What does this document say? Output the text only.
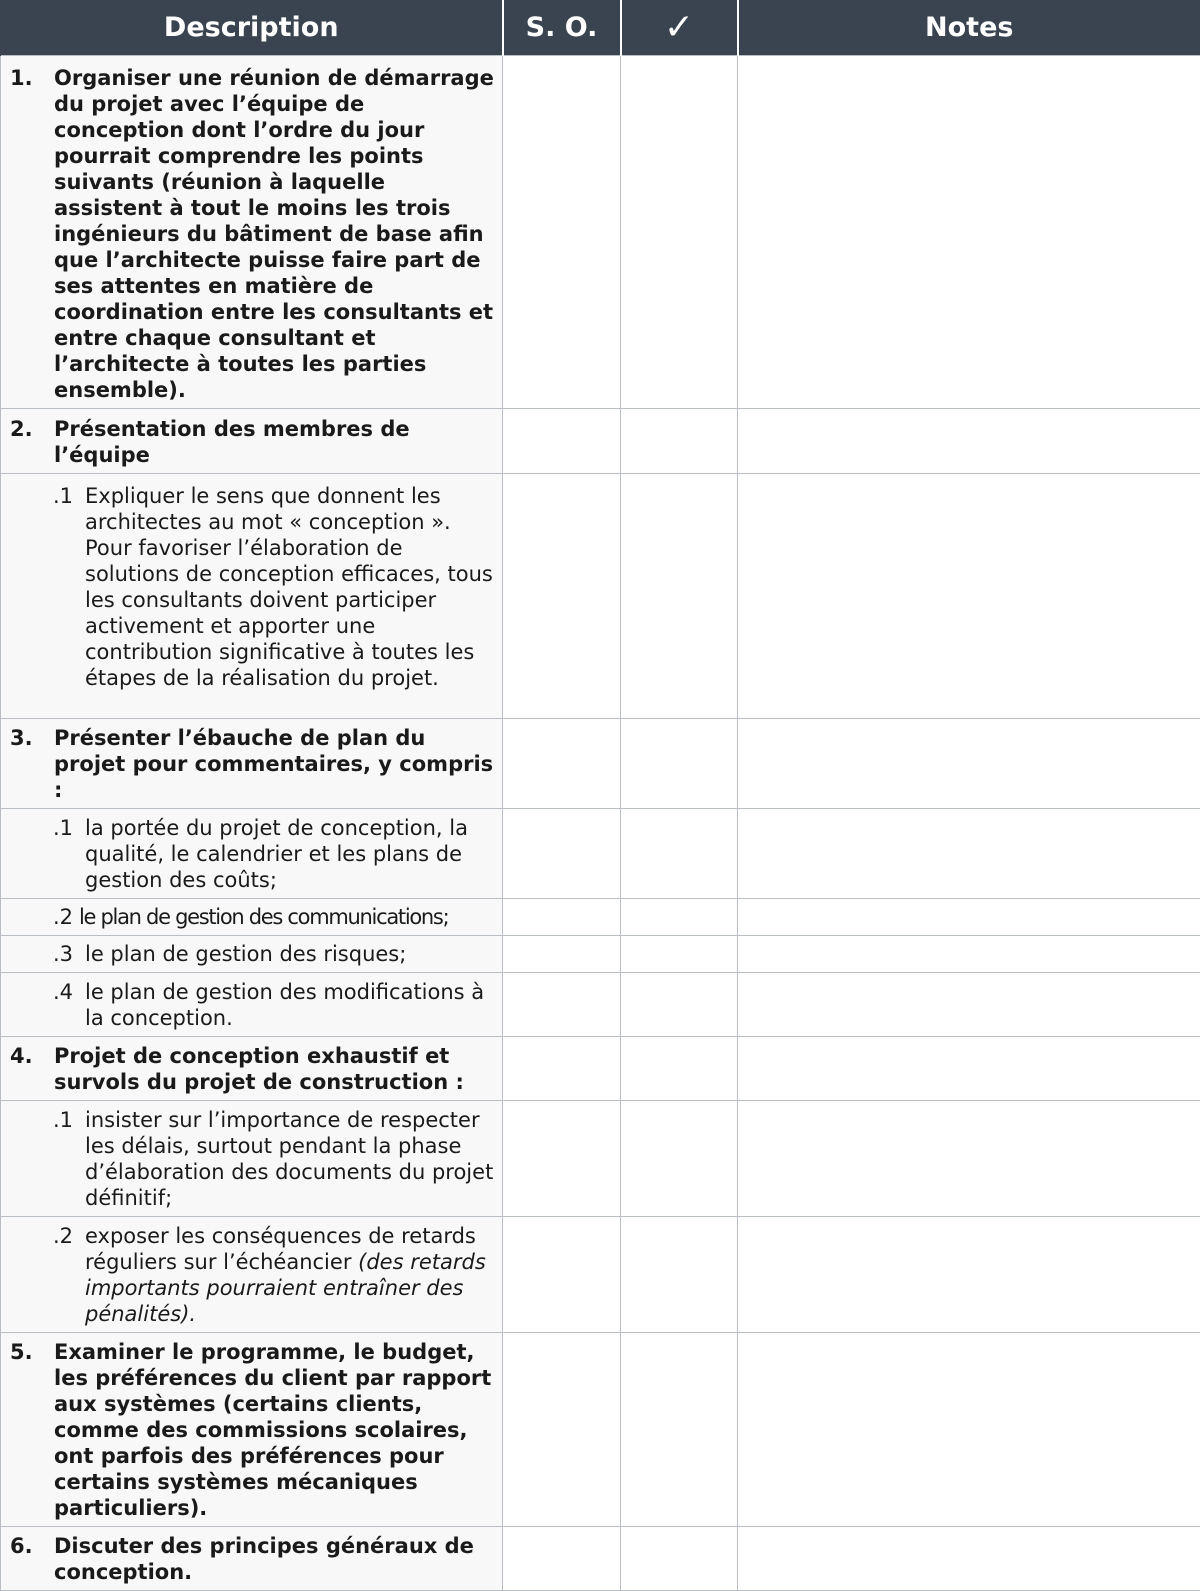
Description	S. O.	✓	Notes

1. Organiser une réunion de démarrage du projet avec l’équipe de conception dont l’ordre du jour pourrait comprendre les points suivants (réunion à laquelle assistent à tout le moins les trois ingénieurs du bâtiment de base afin que l’architecte puisse faire part de ses attentes en matière de coordination entre les consultants et entre chaque consultant et l’architecte à toutes les parties ensemble).			

2. Présentation des membres de l’équipe			

.1 Expliquer le sens que donnent les architectes au mot « conception ». Pour favoriser l’élaboration de solutions de conception efficaces, tous les consultants doivent participer activement et apporter une contribution significative à toutes les étapes de la réalisation du projet.			

3. Présenter l’ébauche de plan du projet pour commentaires, y compris :			

.1 la portée du projet de conception, la qualité, le calendrier et les plans de gestion des coûts;			

.2 le plan de gestion des communications;			

.3 le plan de gestion des risques;			

.4 le plan de gestion des modifications à la conception.			

4. Projet de conception exhaustif et survols du projet de construction :			

.1 insister sur l’importance de respecter les délais, surtout pendant la phase d’élaboration des documents du projet définitif;			

.2 exposer les conséquences de retards réguliers sur l’échéancier (des retards importants pourraient entraîner des pénalités).			

5. Examiner le programme, le budget, les préférences du client par rapport aux systèmes (certains clients, comme des commissions scolaires, ont parfois des préférences pour certains systèmes mécaniques particuliers).			

6. Discuter des principes généraux de conception.			
